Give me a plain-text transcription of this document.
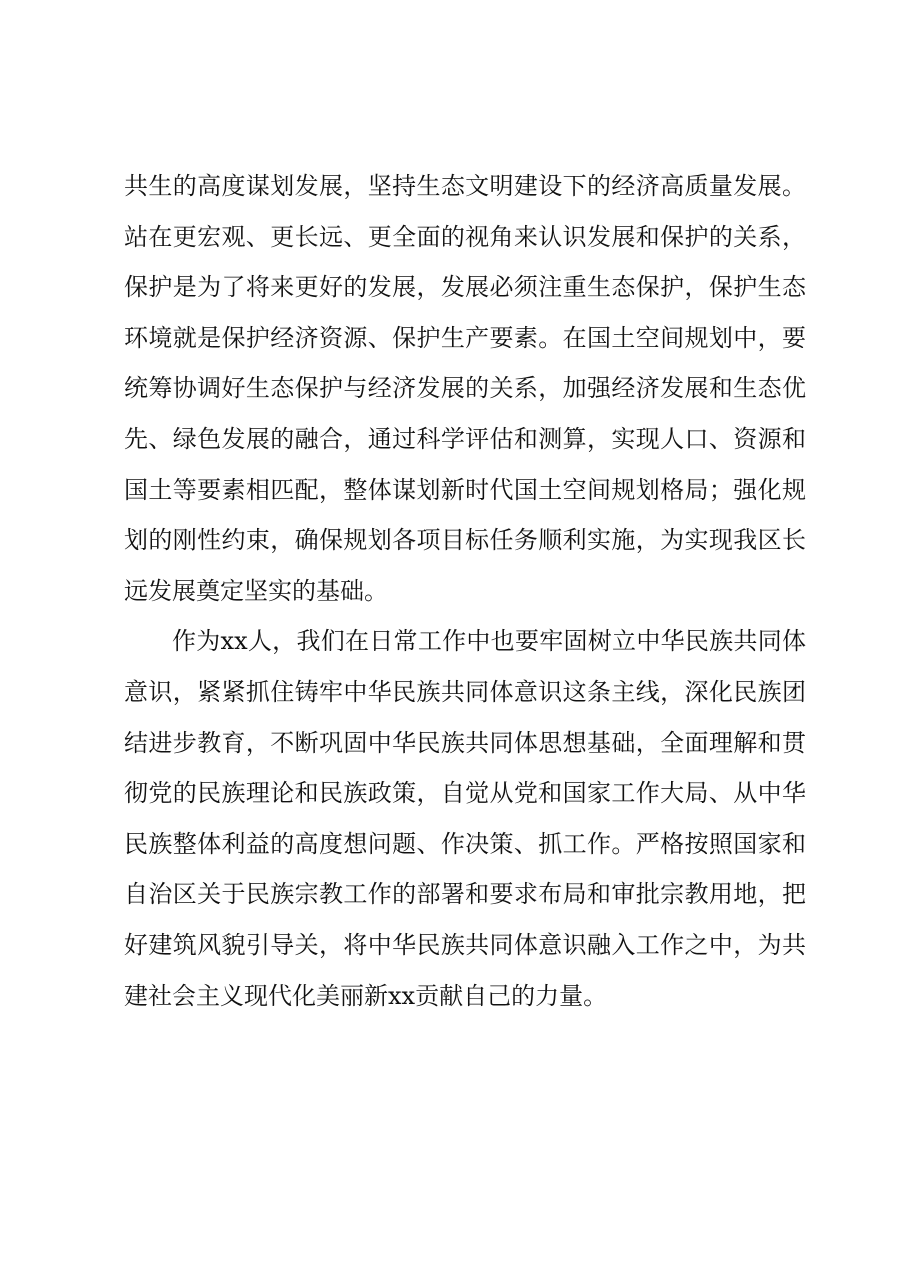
共生的高度谋划发展，坚持生态文明建设下的经济高质量发展。
站在更宏观、更长远、更全面的视角来认识发展和保护的关系，
保护是为了将来更好的发展，发展必须注重生态保护，保护生态
环境就是保护经济资源、保护生产要素。在国土空间规划中，要
统筹协调好生态保护与经济发展的关系，加强经济发展和生态优
先、绿色发展的融合，通过科学评估和测算，实现人口、资源和
国土等要素相匹配，整体谋划新时代国土空间规划格局；强化规
划的刚性约束，确保规划各项目标任务顺利实施，为实现我区长
远发展奠定坚实的基础。
作为xx人，我们在日常工作中也要牢固树立中华民族共同体
意识，紧紧抓住铸牢中华民族共同体意识这条主线，深化民族团
结进步教育，不断巩固中华民族共同体思想基础，全面理解和贯
彻党的民族理论和民族政策，自觉从党和国家工作大局、从中华
民族整体利益的高度想问题、作决策、抓工作。严格按照国家和
自治区关于民族宗教工作的部署和要求布局和审批宗教用地，把
好建筑风貌引导关，将中华民族共同体意识融入工作之中，为共
建社会主义现代化美丽新xx贡献自己的力量。
